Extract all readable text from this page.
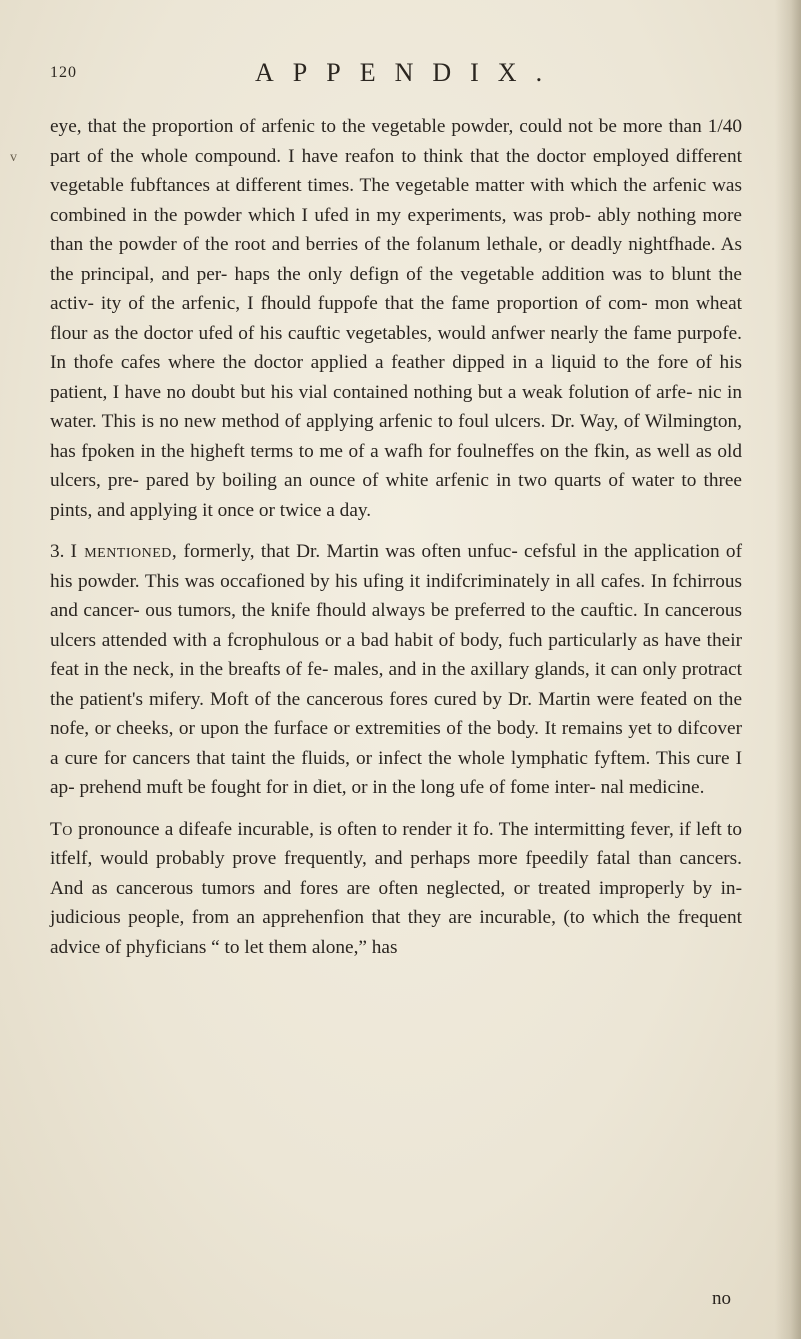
v
120	APPENDIX.

eye, that the proportion of arfenic to the vegetable powder, could not be more than 1/40 part of the whole compound. I have reafon to think that the doctor employed different vegetable fubftances at different times. The vegetable matter with which the arfenic was combined in the powder which I ufed in my experiments, was prob- ably nothing more than the powder of the root and berries of the folanum lethale, or deadly nightfhade. As the principal, and per- haps the only defign of the vegetable addition was to blunt the activ- ity of the arfenic, I fhould fuppofe that the fame proportion of com- mon wheat flour as the doctor ufed of his cauftic vegetables, would anfwer nearly the fame purpofe. In thofe cafes where the doctor applied a feather dipped in a liquid to the fore of his patient, I have no doubt but his vial contained nothing but a weak folution of arfe- nic in water. This is no new method of applying arfenic to foul ulcers. Dr. Way, of Wilmington, has fpoken in the higheft terms to me of a wafh for foulneffes on the fkin, as well as old ulcers, pre- pared by boiling an ounce of white arfenic in two quarts of water to three pints, and applying it once or twice a day.

3. I mentioned, formerly, that Dr. Martin was often unfuc- cefsful in the application of his powder. This was occafioned by his ufing it indifcriminately in all cafes. In fchirrous and cancer- ous tumors, the knife fhould always be preferred to the cauftic. In cancerous ulcers attended with a fcrophulous or a bad habit of body, fuch particularly as have their feat in the neck, in the breafts of fe- males, and in the axillary glands, it can only protract the patient's mifery. Moft of the cancerous fores cured by Dr. Martin were feated on the nofe, or cheeks, or upon the furface or extremities of the body. It remains yet to difcover a cure for cancers that taint the fluids, or infect the whole lymphatic fyftem. This cure I ap- prehend muft be fought for in diet, or in the long ufe of fome inter- nal medicine.

To pronounce a difeafe incurable, is often to render it fo. The intermitting fever, if left to itfelf, would probably prove frequently, and perhaps more fpeedily fatal than cancers. And as cancerous tumors and fores are often neglected, or treated improperly by in- judicious people, from an apprehenfion that they are incurable, (to which the frequent advice of phyficians “ to let them alone,” has

no
